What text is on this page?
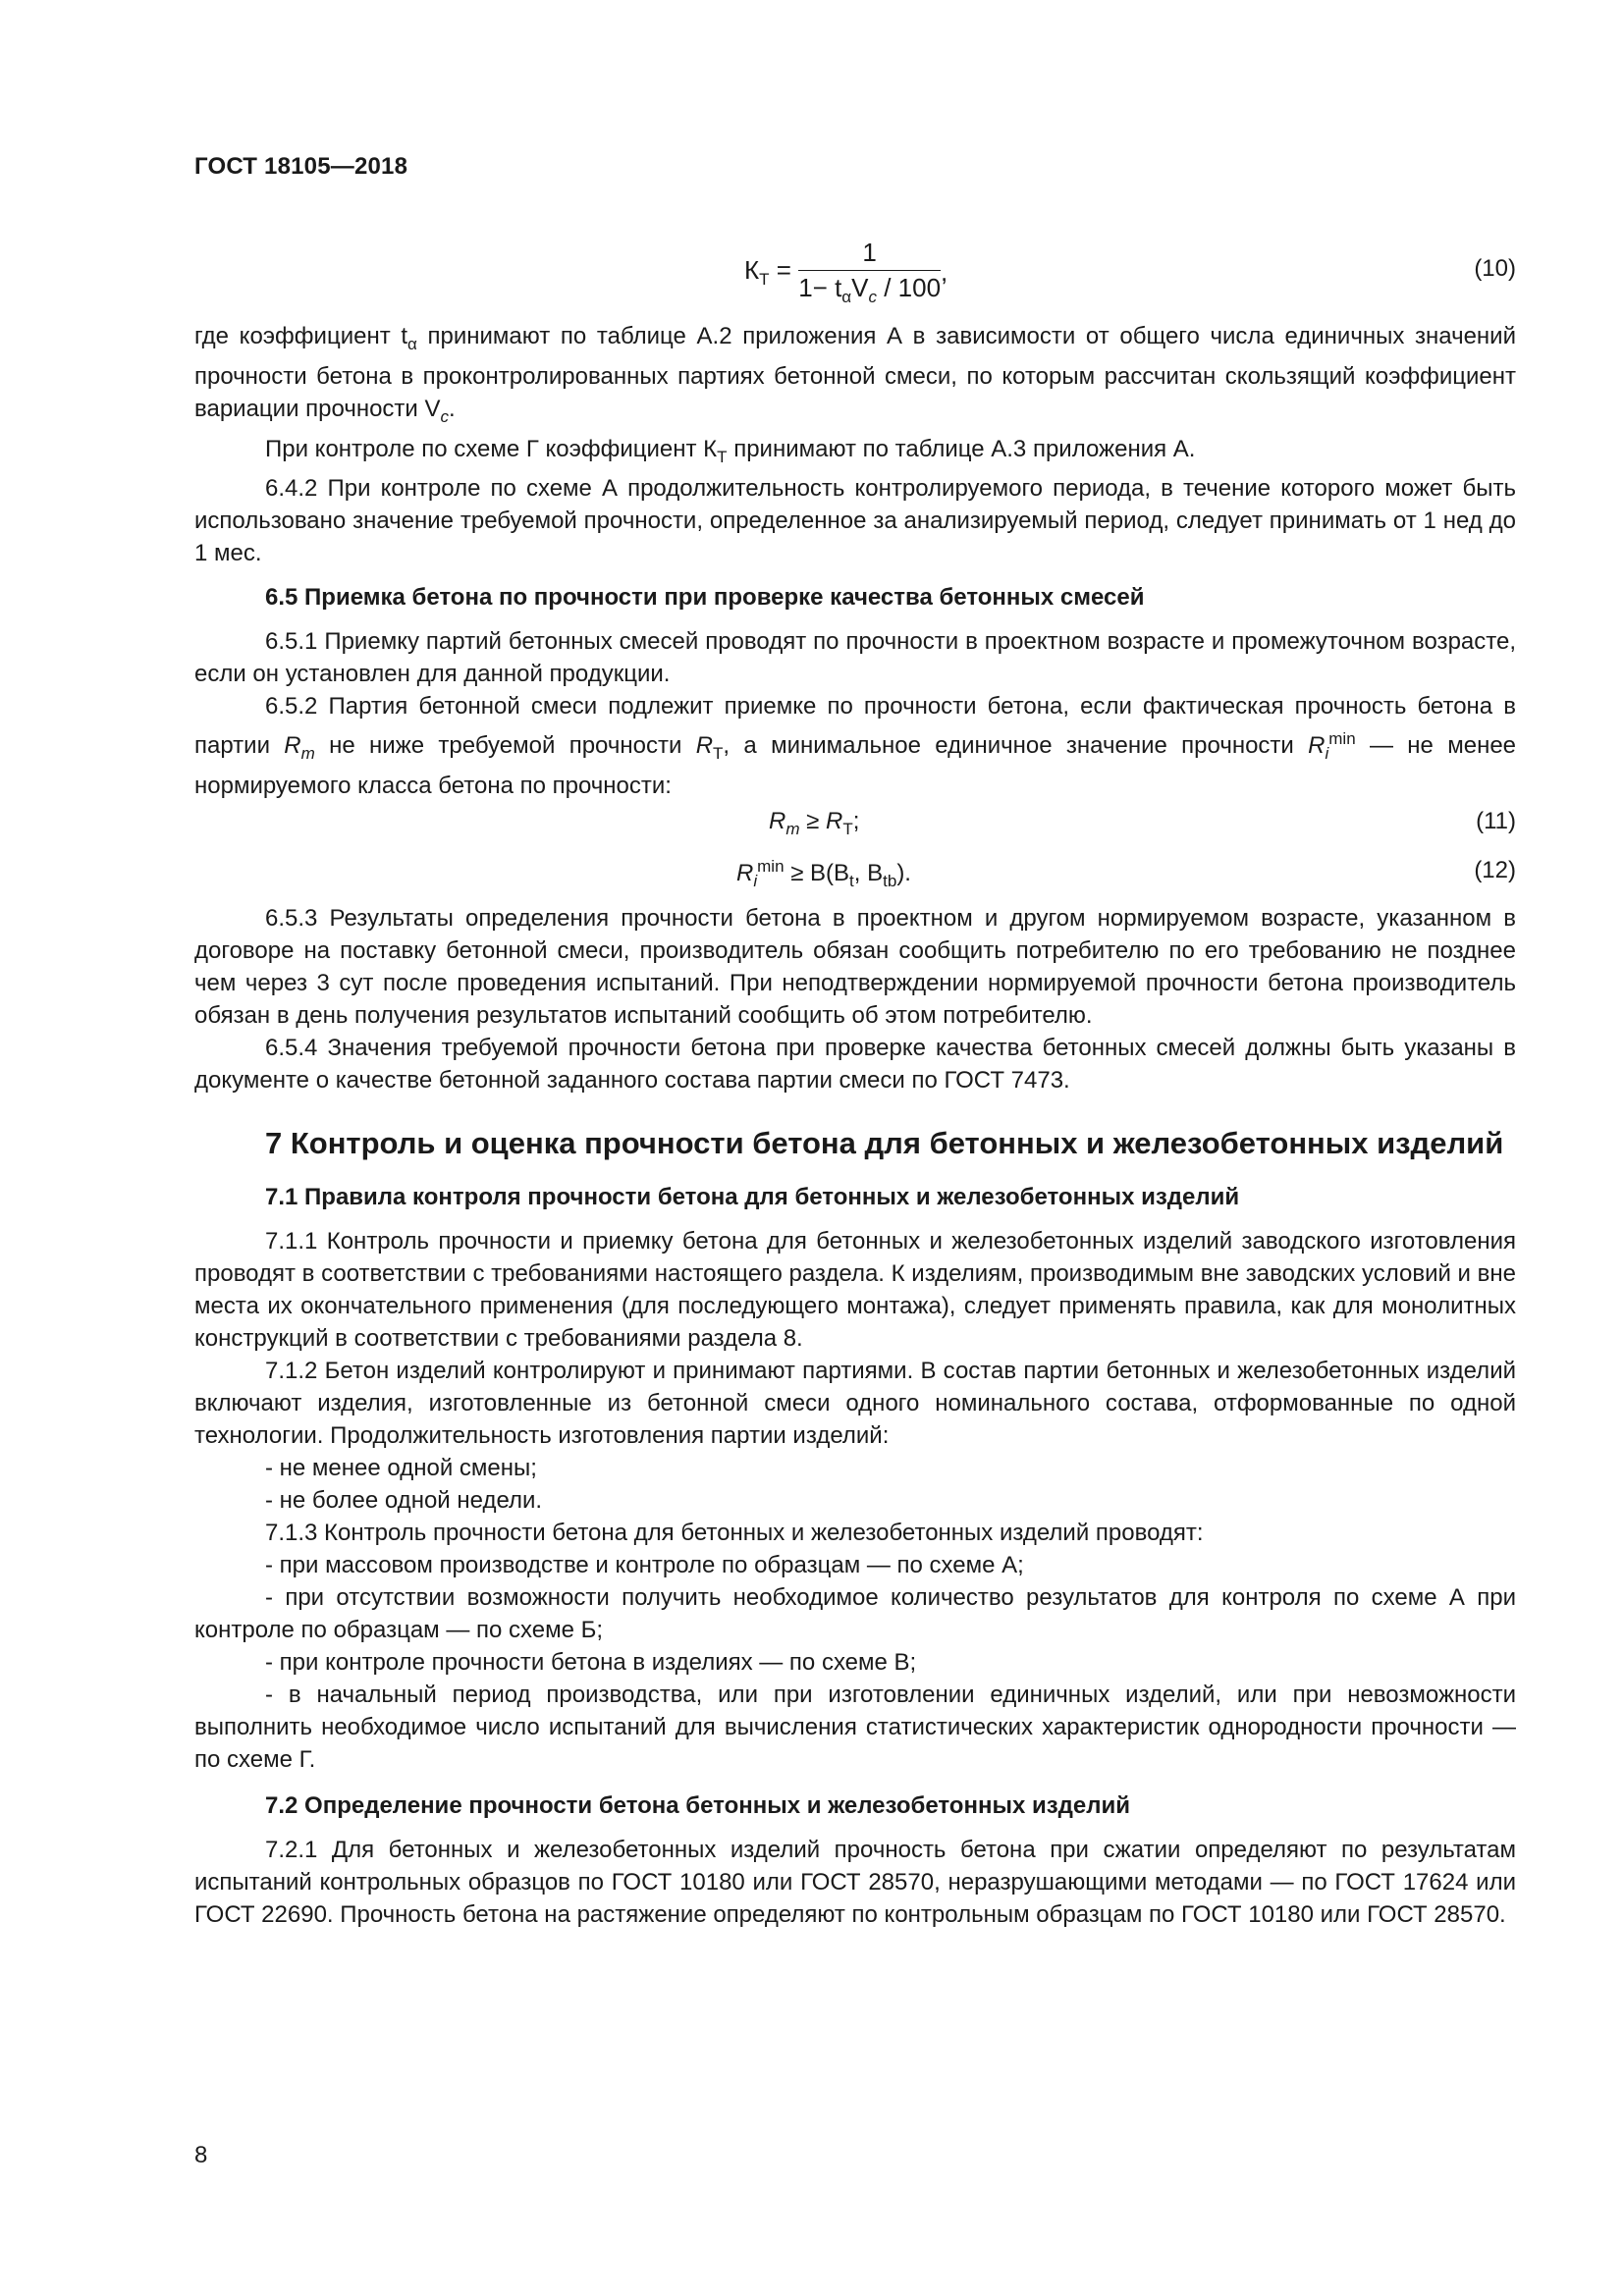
ГОСТ 18105—2018
$К_Т = \frac{1}{1- t_\alpha V_c / 100}$ ,	(10)

где коэффициент $t_\alpha$ принимают по таблице А.2 приложения А в зависимости от общего числа единичных значений прочности бетона в проконтролированных партиях бетонной смеси, по которым рассчитан скользящий коэффициент вариации прочности $V_c$.

При контроле по схеме Г коэффициент $К_Т$ принимают по таблице А.3 приложения А.

6.4.2 При контроле по схеме А продолжительность контролируемого периода, в течение которого может быть использовано значение требуемой прочности, определенное за анализируемый период, следует принимать от 1 нед до 1 мес.

6.5 Приемка бетона по прочности при проверке качества бетонных смесей

6.5.1 Приемку партий бетонных смесей проводят по прочности в проектном возрасте и промежуточном возрасте, если он установлен для данной продукции.

6.5.2 Партия бетонной смеси подлежит приемке по прочности бетона, если фактическая прочность бетона в партии $R_m$ не ниже требуемой прочности $R_T$, а минимальное единичное значение прочности $R_i^{min}$ — не менее нормируемого класса бетона по прочности:

$R_m \ge R_T$;	(11)
$R_i^{min} \ge В(В_t$, $В_{tb}$).	(12)

6.5.3 Результаты определения прочности бетона в проектном и другом нормируемом возрасте, указанном в договоре на поставку бетонной смеси, производитель обязан сообщить потребителю по его требованию не позднее чем через 3 сут после проведения испытаний. При неподтверждении нормируемой прочности бетона производитель обязан в день получения результатов испытаний сообщить об этом потребителю.

6.5.4 Значения требуемой прочности бетона при проверке качества бетонных смесей должны быть указаны в документе о качестве бетонной заданного состава партии смеси по ГОСТ 7473.

7 Контроль и оценка прочности бетона для бетонных и железобетонных изделий

7.1 Правила контроля прочности бетона для бетонных и железобетонных изделий

7.1.1 Контроль прочности и приемку бетона для бетонных и железобетонных изделий заводского изготовления проводят в соответствии с требованиями настоящего раздела. К изделиям, производимым вне заводских условий и вне места их окончательного применения (для последующего монтажа), следует применять правила, как для монолитных конструкций в соответствии с требованиями раздела 8.

7.1.2 Бетон изделий контролируют и принимают партиями. В состав партии бетонных и железобетонных изделий включают изделия, изготовленные из бетонной смеси одного номинального состава, отформованные по одной технологии. Продолжительность изготовления партии изделий:

- не менее одной смены;

- не более одной недели.

7.1.3 Контроль прочности бетона для бетонных и железобетонных изделий проводят:

- при массовом производстве и контроле по образцам — по схеме А;

- при отсутствии возможности получить необходимое количество результатов для контроля по схеме А при контроле по образцам — по схеме Б;

- при контроле прочности бетона в изделиях — по схеме В;

- в начальный период производства, или при изготовлении единичных изделий, или при невозможности выполнить необходимое число испытаний для вычисления статистических характеристик однородности прочности — по схеме Г.

7.2 Определение прочности бетона бетонных и железобетонных изделий

7.2.1 Для бетонных и железобетонных изделий прочность бетона при сжатии определяют по результатам испытаний контрольных образцов по ГОСТ 10180 или ГОСТ 28570, неразрушающими методами — по ГОСТ 17624 или ГОСТ 22690. Прочность бетона на растяжение определяют по контрольным образцам по ГОСТ 10180 или ГОСТ 28570.

8
